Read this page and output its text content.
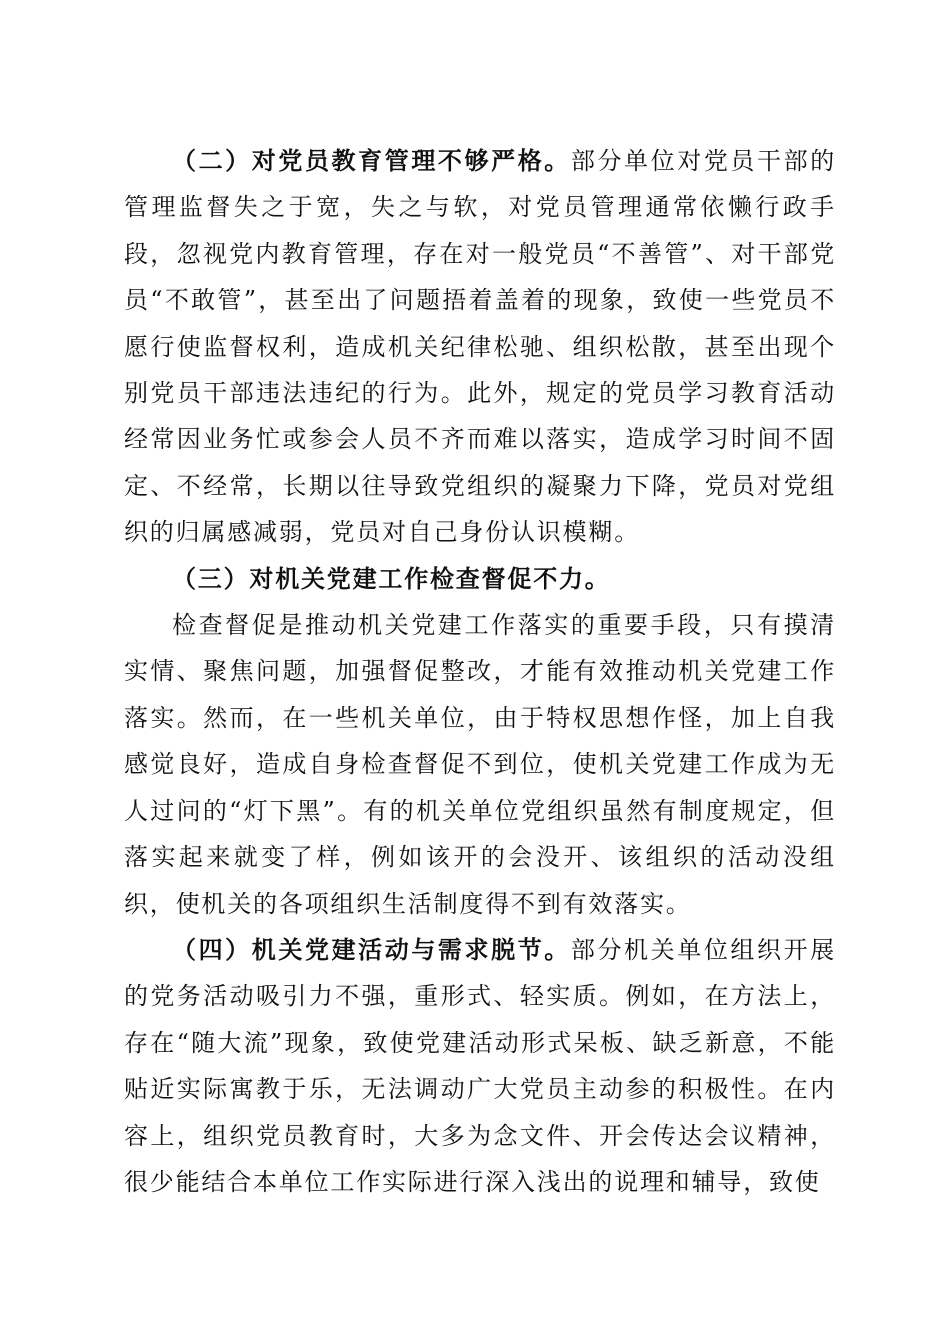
（二）对党员教育管理不够严格。部分单位对党员干部的管理监督失之于宽，失之与软，对党员管理通常依懒行政手段，忽视党内教育管理，存在对一般党员“不善管”、对干部党员“不敢管”，甚至出了问题捂着盖着的现象，致使一些党员不愿行使监督权利，造成机关纪律松驰、组织松散，甚至出现个别党员干部违法违纪的行为。此外，规定的党员学习教育活动经常因业务忙或参会人员不齐而难以落实，造成学习时间不固定、不经常，长期以往导致党组织的凝聚力下降，党员对党组织的归属感减弱，党员对自己身份认识模糊。

（三）对机关党建工作检查督促不力。

检查督促是推动机关党建工作落实的重要手段，只有摸清实情、聚焦问题，加强督促整改，才能有效推动机关党建工作落实。然而，在一些机关单位，由于特权思想作怪，加上自我感觉良好，造成自身检查督促不到位，使机关党建工作成为无人过问的“灯下黑”。有的机关单位党组织虽然有制度规定，但落实起来就变了样，例如该开的会没开、该组织的活动没组织，使机关的各项组织生活制度得不到有效落实。

（四）机关党建活动与需求脱节。部分机关单位组织开展的党务活动吸引力不强，重形式、轻实质。例如，在方法上，存在“随大流”现象，致使党建活动形式呆板、缺乏新意，不能贴近实际寓教于乐，无法调动广大党员主动参的积极性。在内容上，组织党员教育时，大多为念文件、开会传达会议精神，很少能结合本单位工作实际进行深入浅出的说理和辅导，致使
